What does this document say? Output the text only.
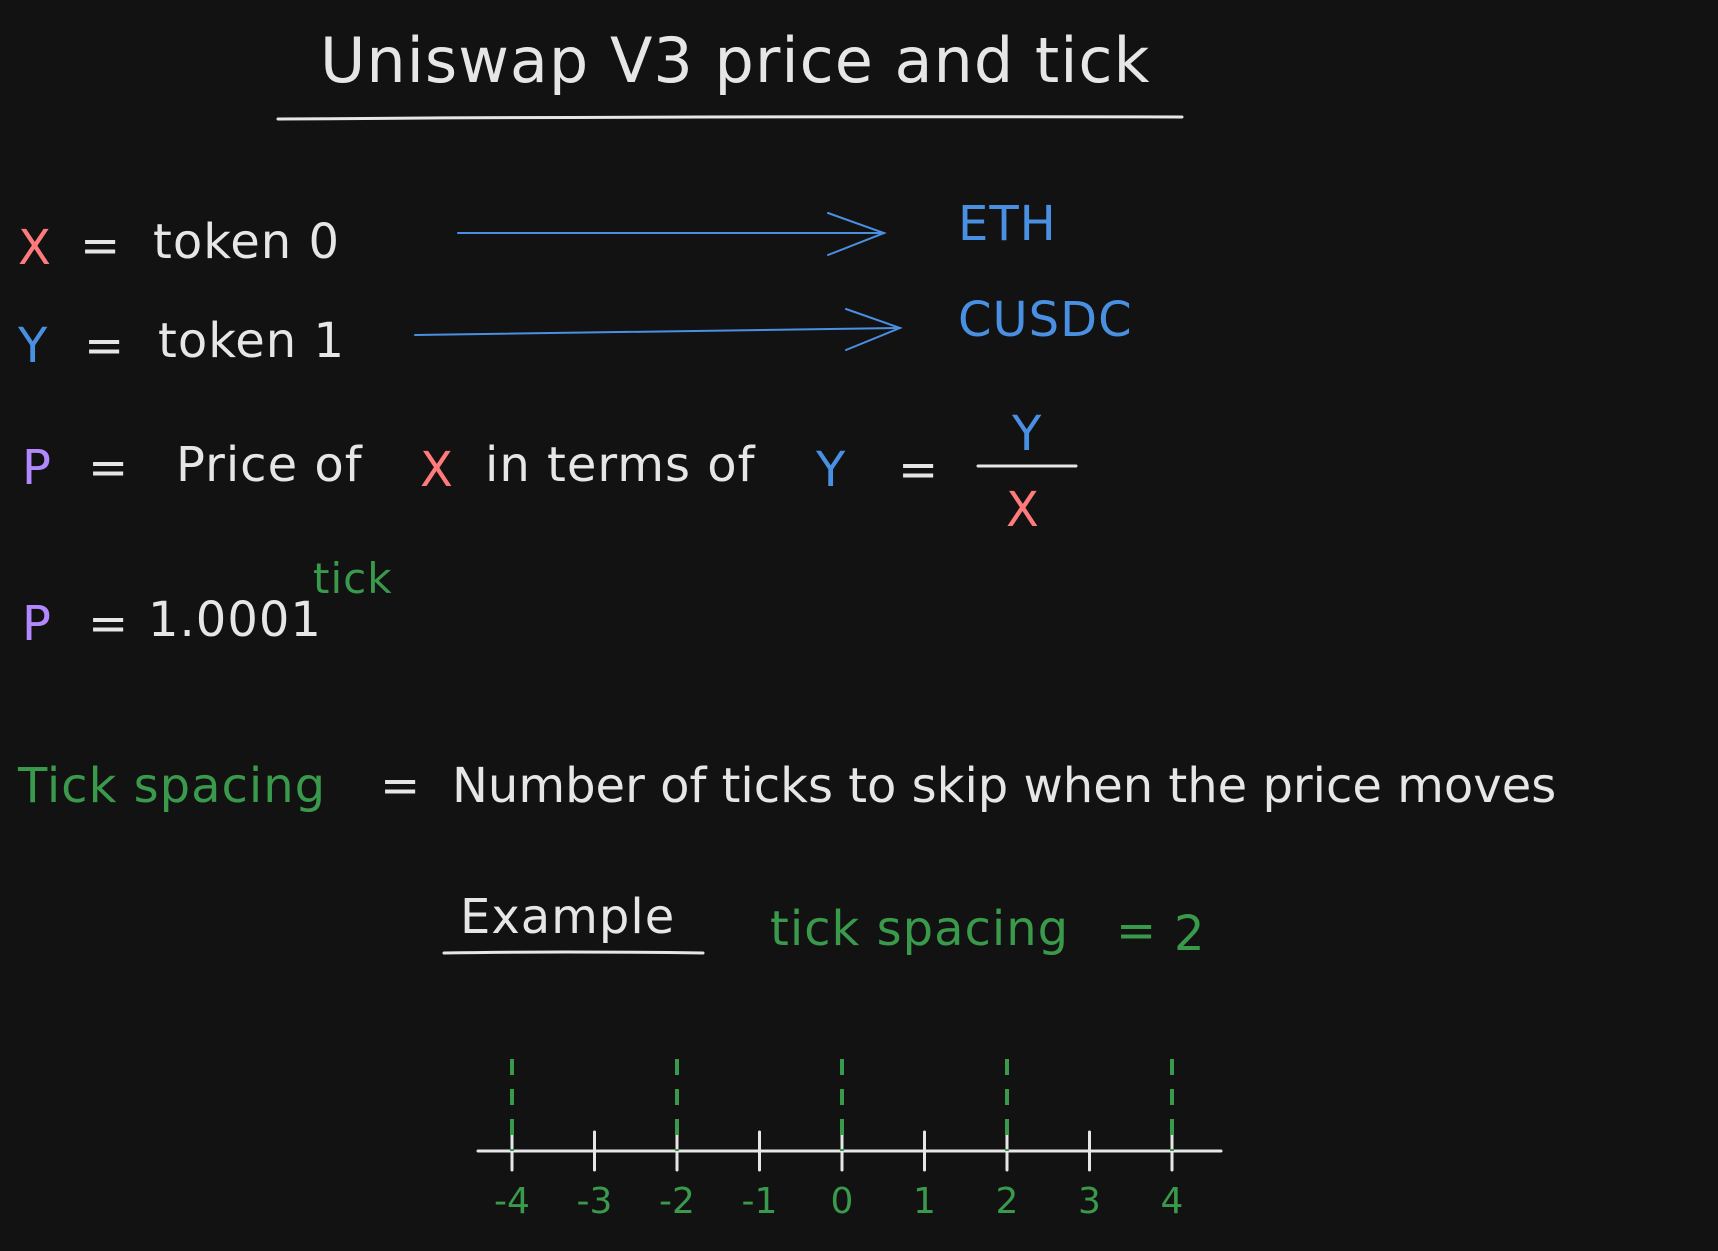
Uniswap V3 price and tick
X = token 0	ETH
Y = token 1	CUSDC
P = Price of X in terms of Y =
Y
X
P = 1.0001
tick
Tick spacing = Number of ticks to skip when the price moves
Example tick spacing = 2
-4 -3 -2 -1 0 1 2 3 4
